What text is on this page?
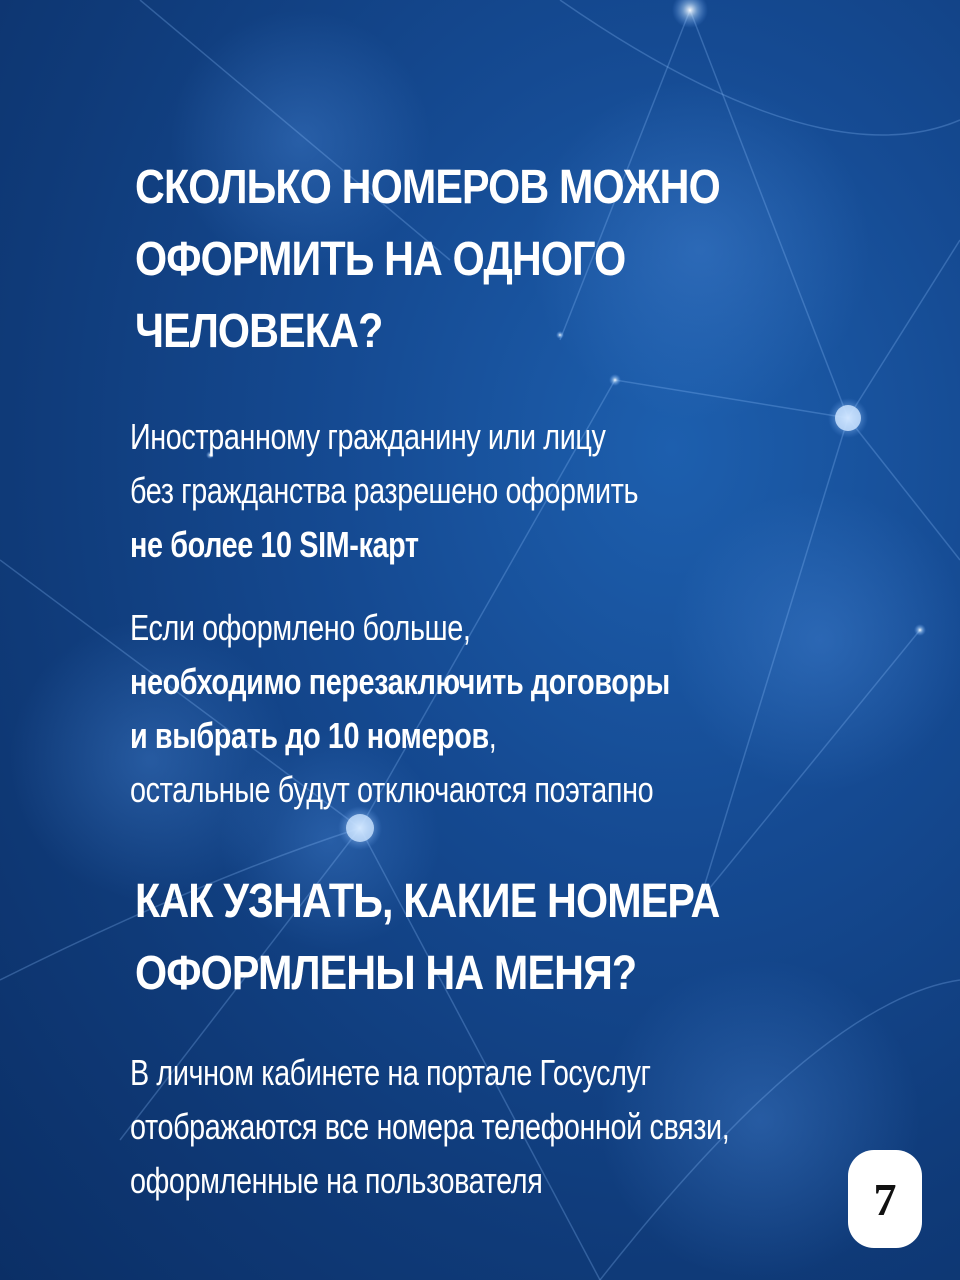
СКОЛЬКО НОМЕРОВ МОЖНО
ОФОРМИТЬ НА ОДНОГО
ЧЕЛОВЕКА?

Иностранному гражданину или лицу
без гражданства разрешено оформить
не более 10 SIM-карт

Если оформлено больше,
необходимо перезаключить договоры
и выбрать до 10 номеров,
остальные будут отключаются поэтапно

КАК УЗНАТЬ, КАКИЕ НОМЕРА
ОФОРМЛЕНЫ НА МЕНЯ?

В личном кабинете на портале Госуслуг
отображаются все номера телефонной связи,
оформленные на пользователя	7
